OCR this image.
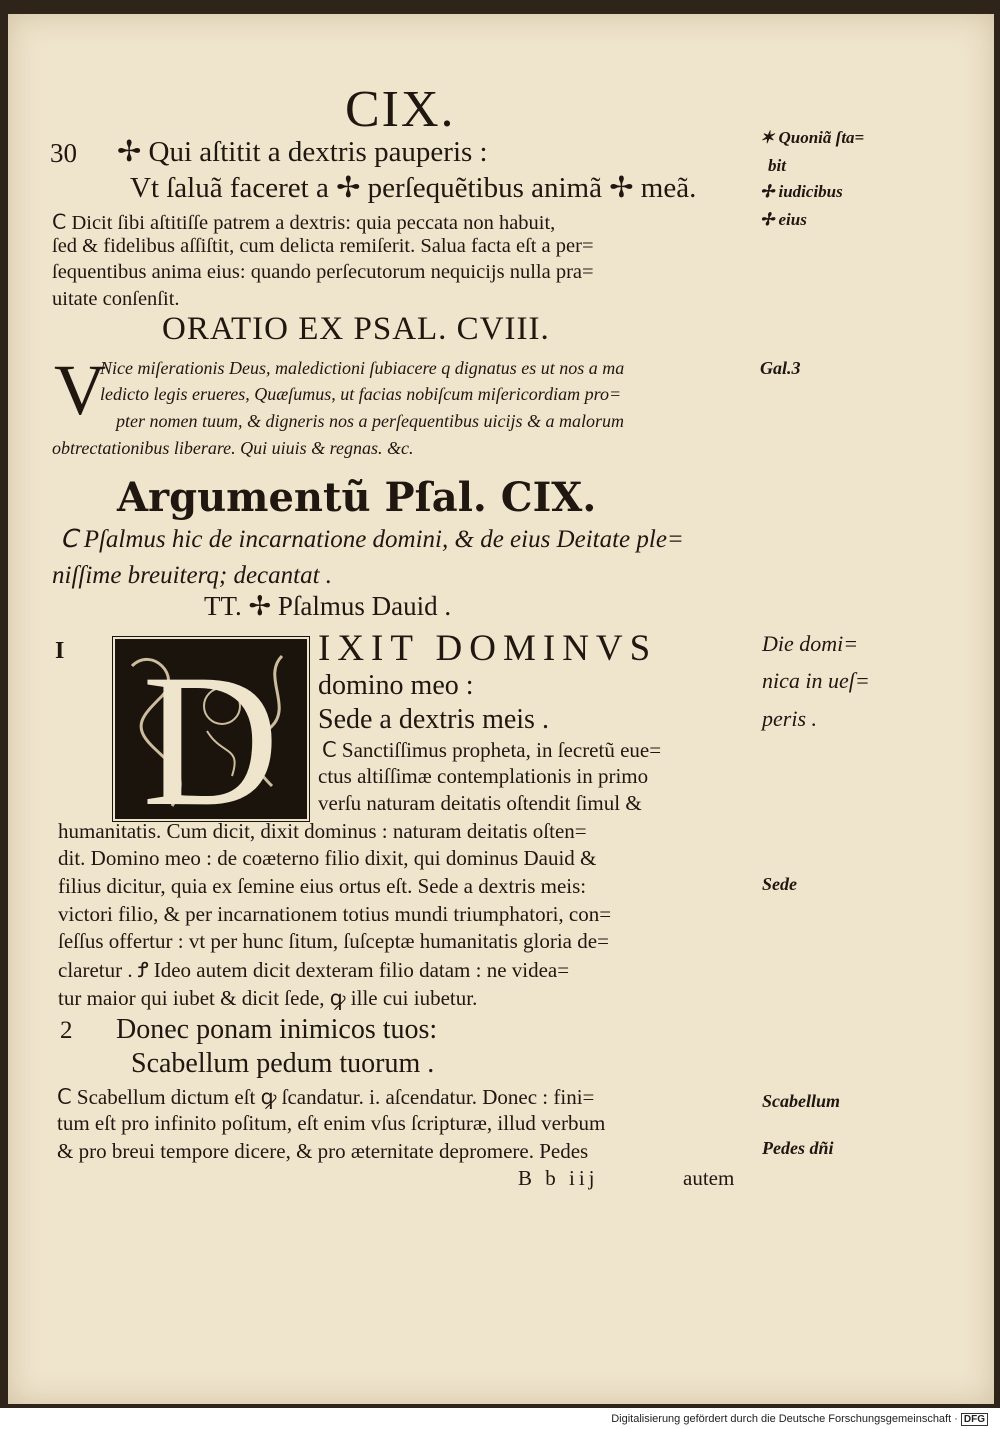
CIX.
30 ✢ Qui aſtitit a dextris pauperis :
Vt ſaluã faceret a ✢ perſequẽtibus animã ✢ meã.
Ⅽ Dicit ſibi aſtitiſſe patrem a dextris: quia peccata non habuit,
ſed & fidelibus aſſiſtit, cum delicta remiſerit. Salua facta eſt a per=
ſequentibus anima eius: quando perſecutorum nequicijs nulla pra=
uitate conſenſit.
ORATIO EX PSAL. CVIII.
V
Nice miſerationis Deus, maledictioni ſubiacere q dignatus es ut nos a ma
ledicto legis erueres, Quæſumus, ut facias nobiſcum miſericordiam pro=
pter nomen tuum, & digneris nos a perſequentibus uicijs & a malorum
obtrectationibus liberare. Qui uiuis & regnas. &c.
Argumentũ Pſal. CIX.
Ⅽ Pſalmus hic de incarnatione domini, & de eius Deitate ple=
niſſime breuiterq; decantat .
TT. ✢ Pſalmus Dauid .
I D IXIT DOMINVS
domino meo :
Sede a dextris meis .
Ⅽ Sanctiſſimus propheta, in ſecretũ eue=
ctus altiſſimæ contemplationis in primo
verſu naturam deitatis oſtendit ſimul &
humanitatis. Cum dicit, dixit dominus : naturam deitatis oſten=
dit. Domino meo : de coæterno filio dixit, qui dominus Dauid &
filius dicitur, quia ex ſemine eius ortus eſt. Sede a dextris meis:
victori filio, & per incarnationem totius mundi triumphatori, con=
ſeſſus offertur : vt per hunc ſitum, ſuſceptæ humanitatis gloria de=
claretur . Ꝭ Ideo autem dicit dexteram filio datam : ne videa=
tur maior qui iubet & dicit ſede, ꝙ ille cui iubetur.
2 Donec ponam inimicos tuos:
Scabellum pedum tuorum .
Ⅽ Scabellum dictum eſt ꝙ ſcandatur. i. aſcendatur. Donec : fini=
tum eſt pro infinito poſitum, eſt enim vſus ſcripturæ, illud verbum
& pro breui tempore dicere, & pro æternitate depromere. Pedes
B b iij	autem
✶ Quoniã ſta=
bit
✢ iudicibus
✢ eius
Gal.3
Die domi=
nica in ueſ=
peris .
Sede
Scabellum
Pedes dñi
Digitalisierung gefördert durch die Deutsche Forschungsgemeinschaft · DFG
